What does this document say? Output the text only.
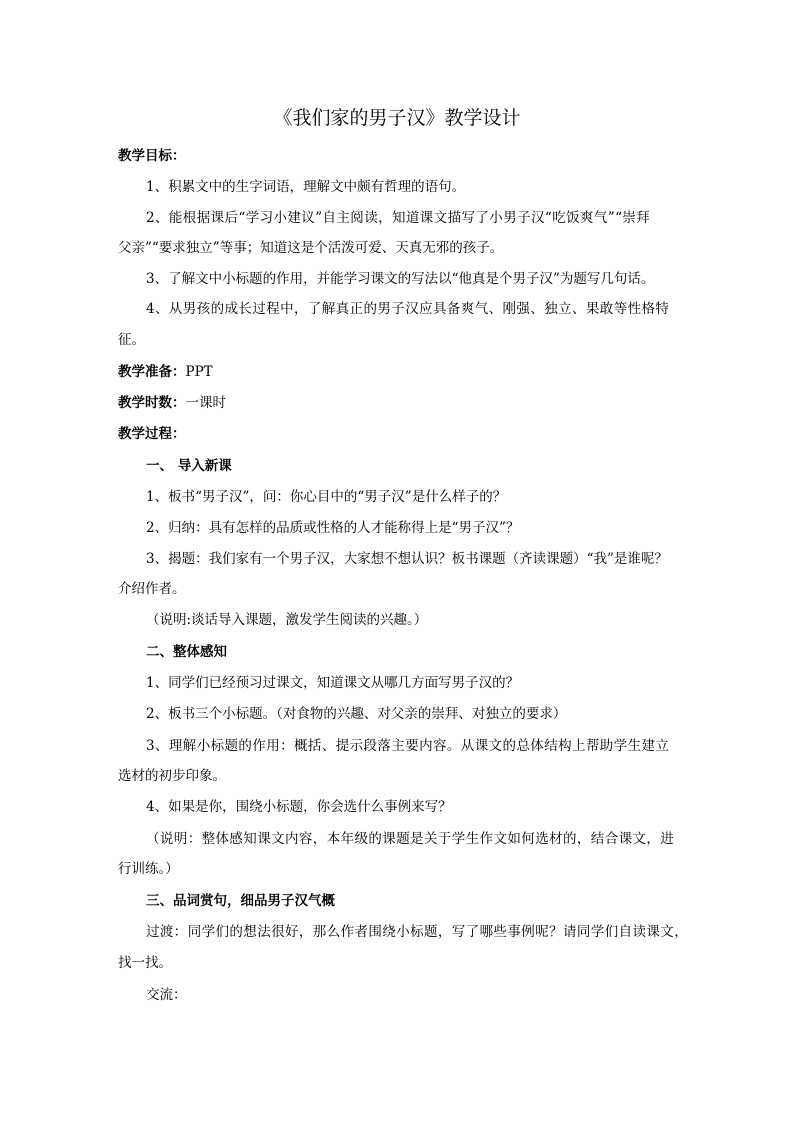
《我们家的男子汉》教学设计
教学目标：
1、积累文中的生字词语，理解文中颇有哲理的语句。
2、能根据课后“学习小建议”自主阅读，知道课文描写了小男子汉“吃饭爽气”“崇拜
父亲”“要求独立”等事；知道这是个活泼可爱、天真无邪的孩子。
3、了解文中小标题的作用，并能学习课文的写法以“他真是个男子汉”为题写几句话。
4、从男孩的成长过程中，了解真正的男子汉应具备爽气、刚强、独立、果敢等性格特
征。
教学准备：PPT
教学时数：一课时
教学过程：
一、 导入新课
1、板书“男子汉”，问：你心目中的“男子汉”是什么样子的？
2、归纳：具有怎样的品质或性格的人才能称得上是“男子汉”？
3、揭题：我们家有一个男子汉，大家想不想认识？板书课题（齐读课题）“我”是谁呢？
介绍作者。
（说明:谈话导入课题，激发学生阅读的兴趣。）
二、整体感知
1、同学们已经预习过课文，知道课文从哪几方面写男子汉的？
2、板书三个小标题。（对食物的兴趣、对父亲的崇拜、对独立的要求）
3、理解小标题的作用：概括、提示段落主要内容。从课文的总体结构上帮助学生建立
选材的初步印象。
4、如果是你，围绕小标题，你会选什么事例来写？
（说明：整体感知课文内容，本年级的课题是关于学生作文如何选材的，结合课文，进
行训练。）
三、品词赏句，细品男子汉气概
过渡：同学们的想法很好，那么作者围绕小标题，写了哪些事例呢？请同学们自读课文，
找一找。
交流：
